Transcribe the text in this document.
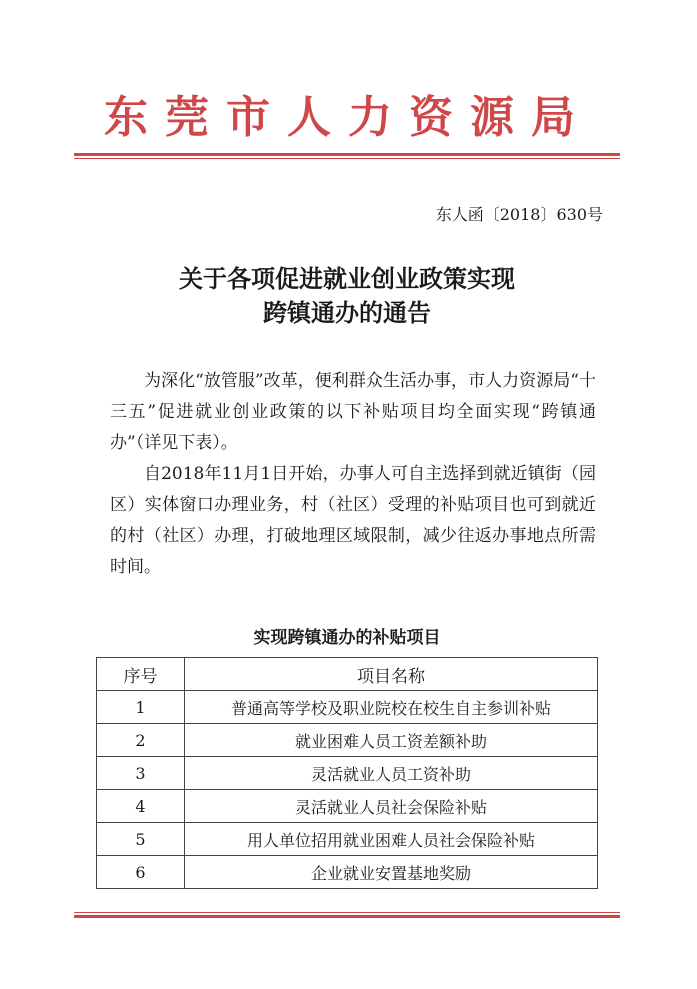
东莞市人力资源局
东人函〔2018〕630号
关于各项促进就业创业政策实现
跨镇通办的通告

为深化“放管服”改革，便利群众生活办事，市人力资源局“十三五”促进就业创业政策的以下补贴项目均全面实现“跨镇通办”（详见下表）。

自2018年11月1日开始，办事人可自主选择到就近镇街（园区）实体窗口办理业务，村（社区）受理的补贴项目也可到就近的村（社区）办理，打破地理区域限制，减少往返办事地点所需时间。

实现跨镇通办的补贴项目
序号	项目名称
1	普通高等学校及职业院校在校生自主参训补贴
2	就业困难人员工资差额补助
3	灵活就业人员工资补助
4	灵活就业人员社会保险补贴
5	用人单位招用就业困难人员社会保险补贴
6	企业就业安置基地奖励
